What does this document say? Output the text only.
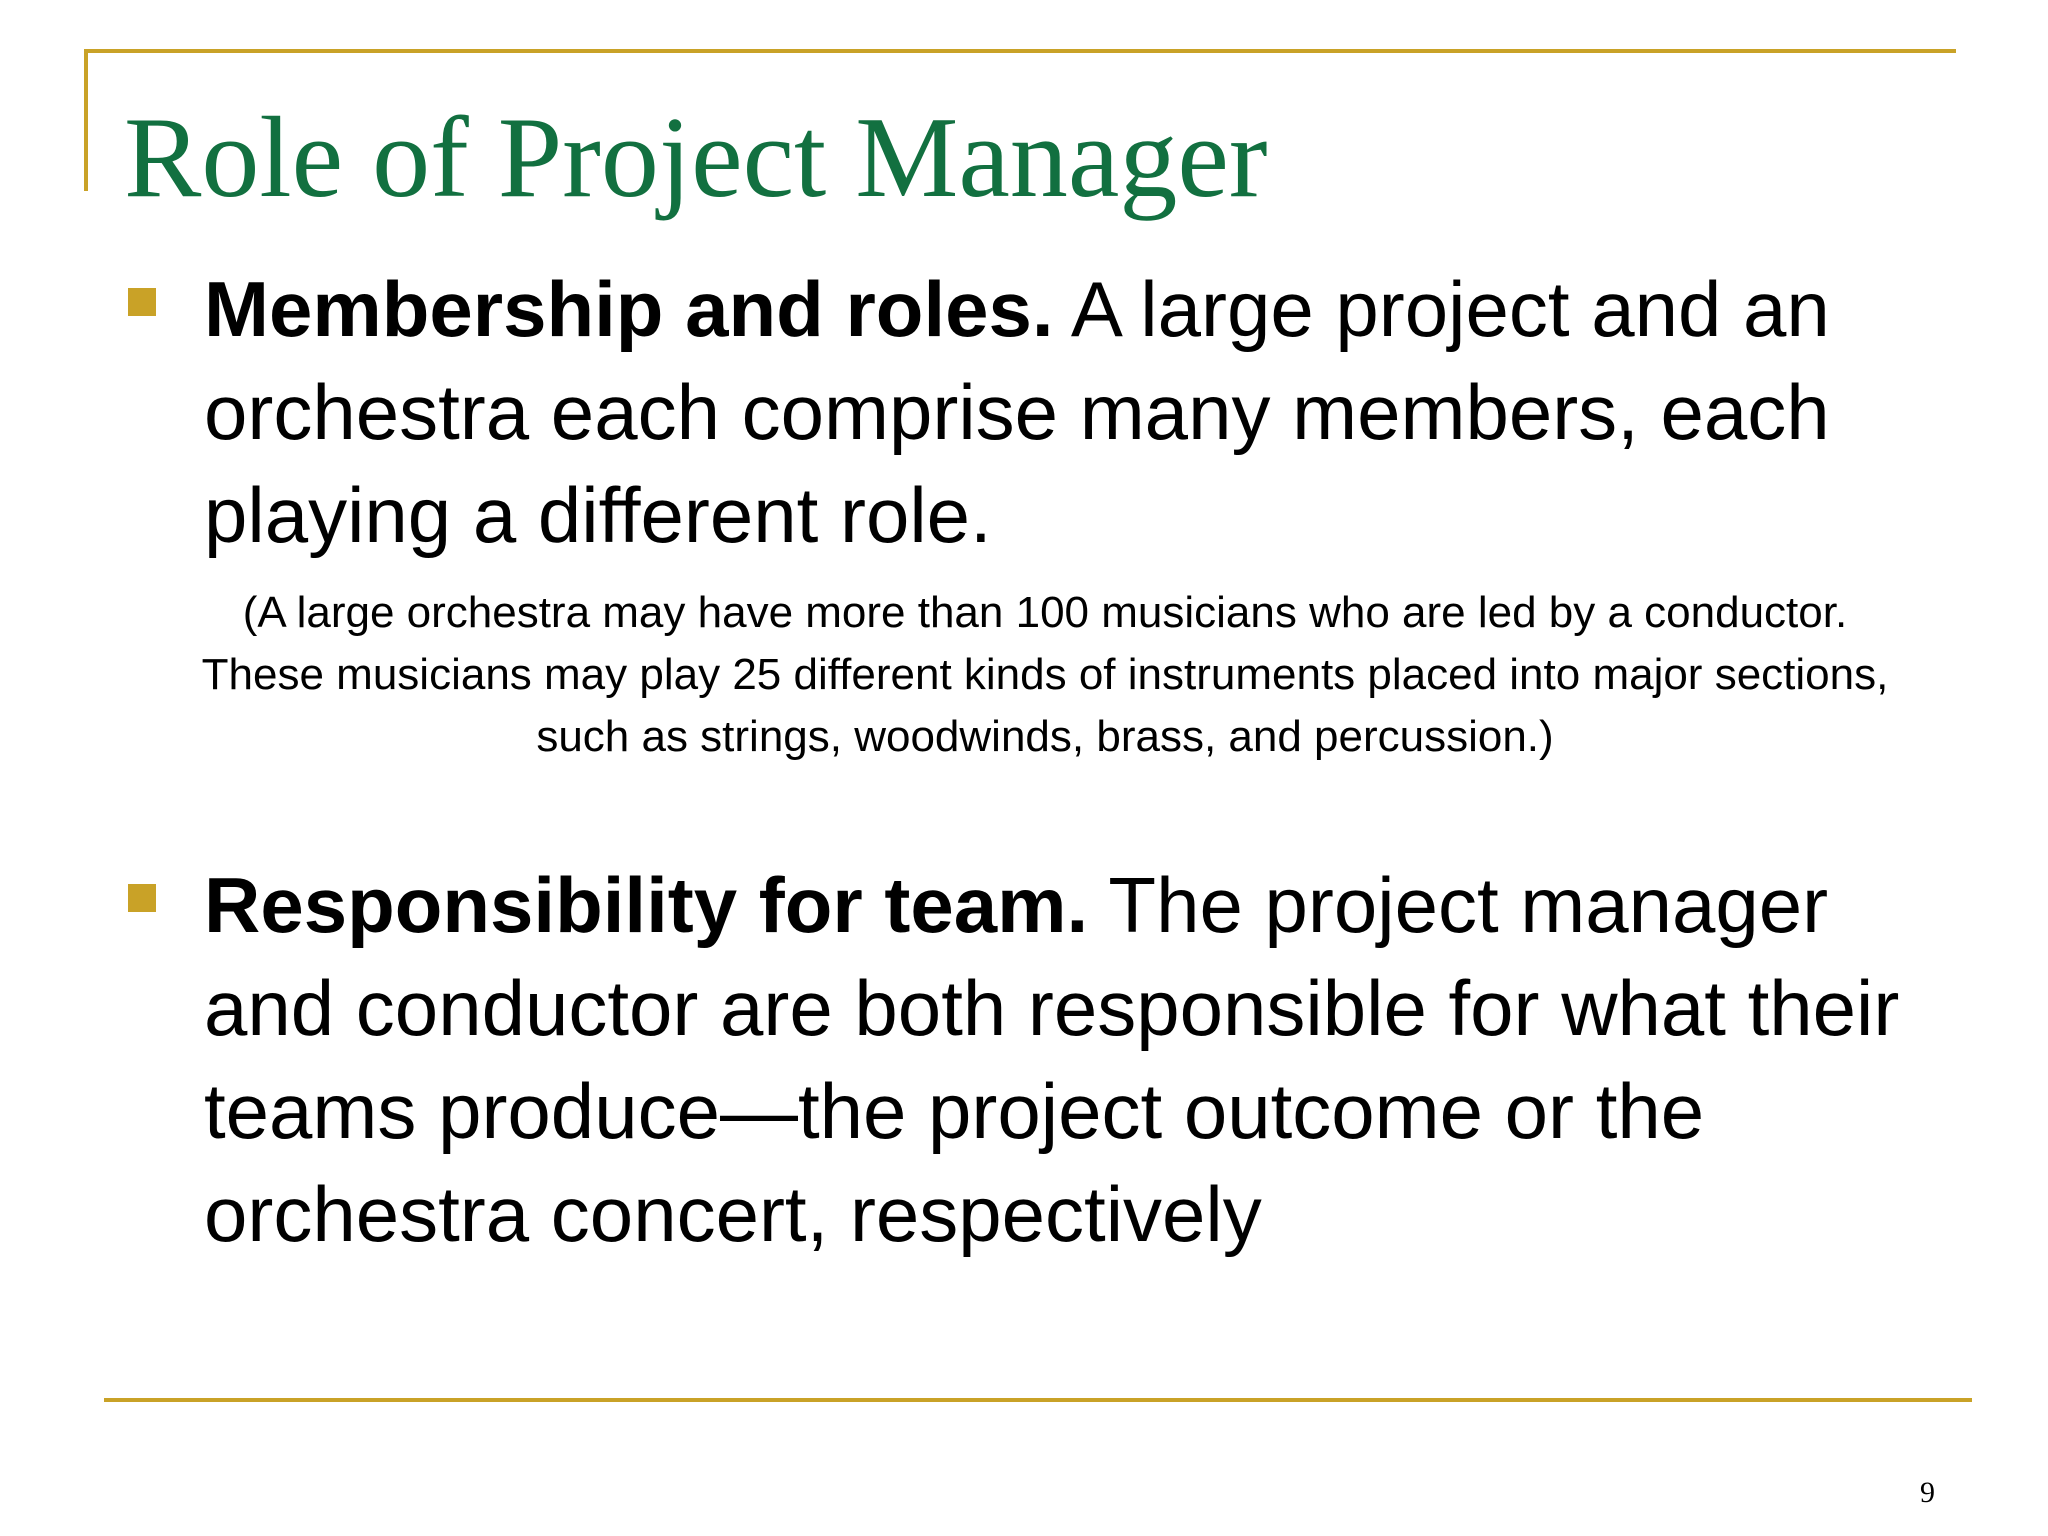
Role of Project Manager

Membership and roles. A large project and an orchestra each comprise many members, each playing a different role.

(A large orchestra may have more than 100 musicians who are led by a conductor. These musicians may play 25 different kinds of instruments placed into major sections, such as strings, woodwinds, brass, and percussion.)

Responsibility for team. The project manager and conductor are both responsible for what their teams produce—the project outcome or the orchestra concert, respectively

9
